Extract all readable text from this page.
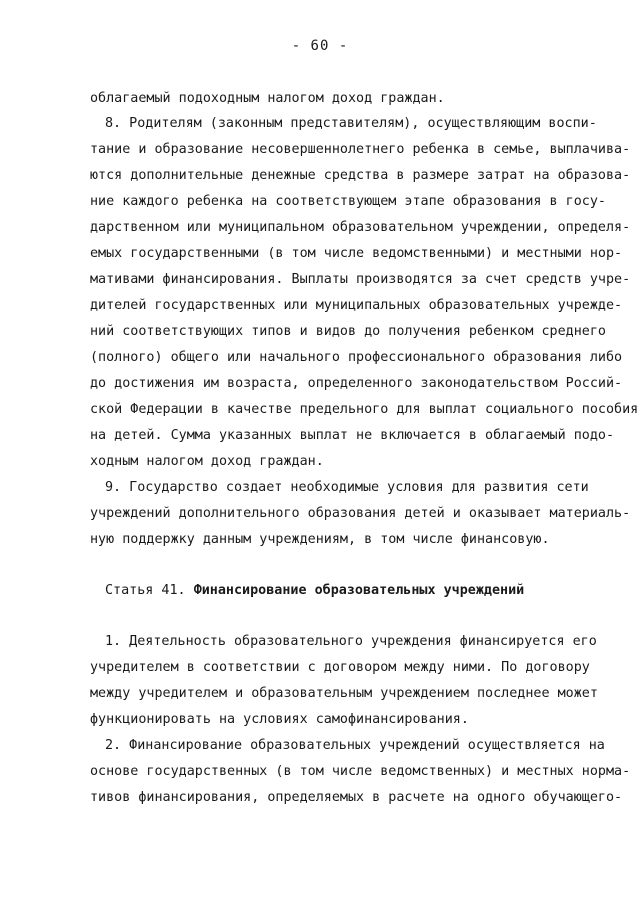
- 60 -
облагаемый подоходным налогом доход граждан.
8. Родителям (законным представителям), осуществляющим воспи-
тание и образование несовершеннолетнего ребенка в семье, выплачива-
ются дополнительные денежные средства в размере затрат на образова-
ние каждого ребенка на соответствующем этапе образования в госу-
дарственном или муниципальном образовательном учреждении, определя-
емых государственными (в том числе ведомственными) и местными нор-
мативами финансирования. Выплаты производятся за счет средств учре-
дителей государственных или муниципальных образовательных учрежде-
ний соответствующих типов и видов до получения ребенком среднего
(полного) общего или начального профессионального образования либо
до достижения им возраста, определенного законодательством Россий-
ской Федерации в качестве предельного для выплат социального пособия
на детей. Сумма указанных выплат не включается в облагаемый подо-
ходным налогом доход граждан.
9. Государство создает необходимые условия для развития сети
учреждений дополнительного образования детей и оказывает материаль-
ную поддержку данным учреждениям, в том числе финансовую.
Статья 41. Финансирование образовательных учреждений
1. Деятельность образовательного учреждения финансируется его
учредителем в соответствии с договором между ними. По договору
между учредителем и образовательным учреждением последнее может
функционировать на условиях самофинансирования.
2. Финансирование образовательных учреждений осуществляется на
основе государственных (в том числе ведомственных) и местных норма-
тивов финансирования, определяемых в расчете на одного обучающего-
